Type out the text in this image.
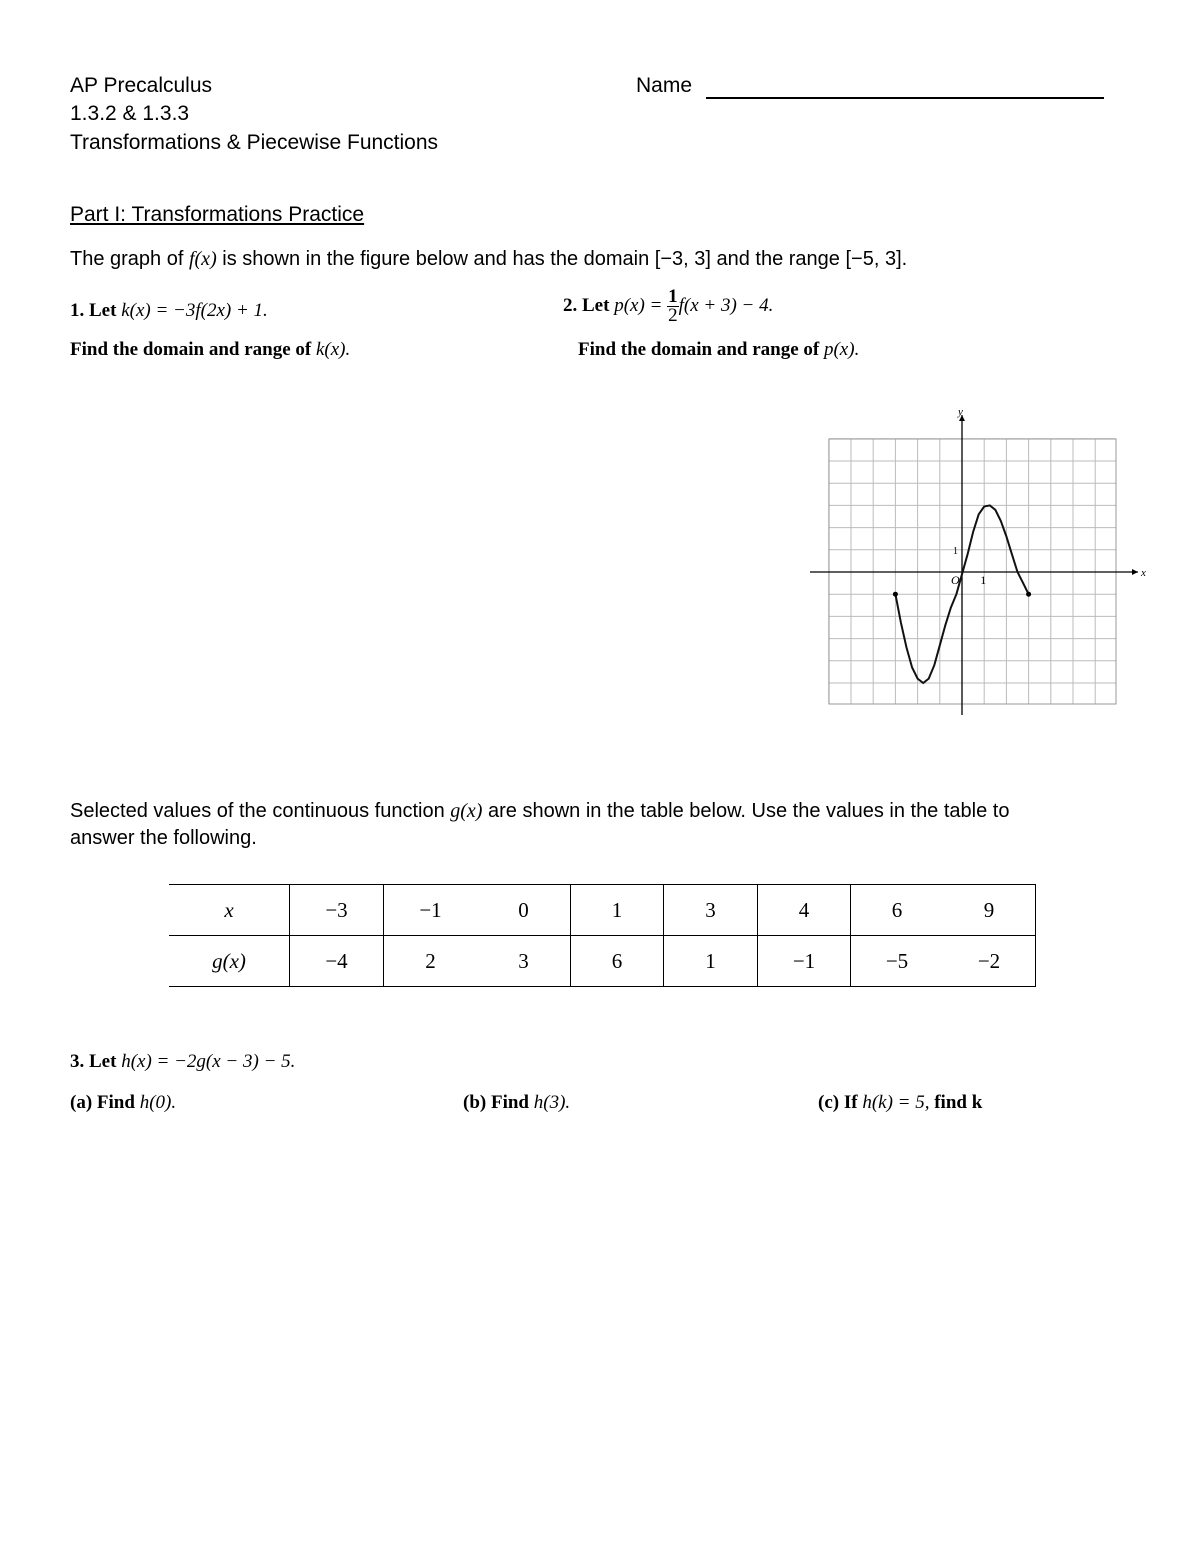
AP Precalculus
1.3.2 & 1.3.3
Transformations & Piecewise Functions
Name
Part I: Transformations Practice
The graph of f(x) is shown in the figure below and has the domain [−3, 3] and the range [−5, 3].
1. Let k(x) = −3f(2x) + 1.
Find the domain and range of k(x).
2. Let $p(x) = \frac{1}{2} f(x + 3) - 4$.
Find the domain and range of p(x).
x
y
O 1
1
Selected values of the continuous function g(x) are shown in the table below. Use the values in the table to
answer the following.
x	−3	−1	0	1	3	4	6	9
g(x)	−4	2	3	6	1	−1	−5	−2
3. Let h(x) = −2g(x − 3) − 5.
(a) Find h(0).	(b) Find h(3).	(c) If h(k) = 5, find k
